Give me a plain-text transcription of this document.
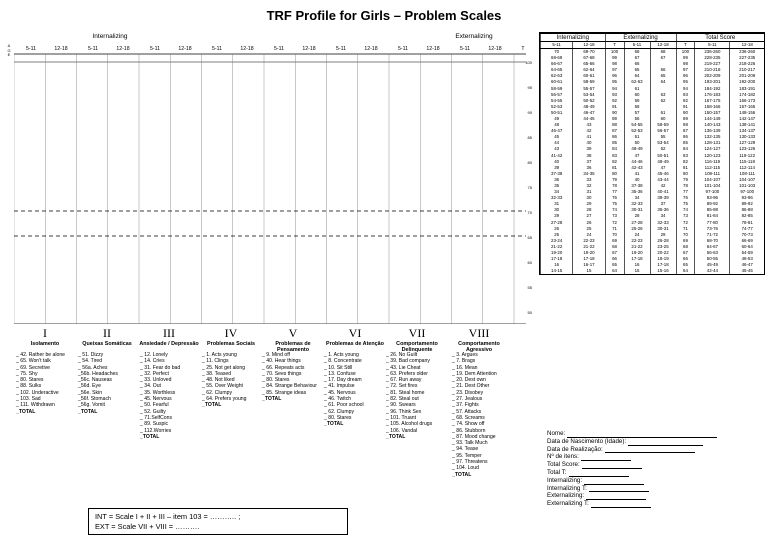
TRF Profile for Girls – Problem Scales
A
G
E
Internalizing	Externalizing
5-11	12-18	5-11	12-18	5-11	12-18	5-11	12-18	5-11	12-18	5-11	12-18	5-11	12-18	5-11	12-18	T
100
95
90
85
80
75
70
65
60
55
50
I
Isolamento
II
Queixas Somáticas
III
Ansiedade / Depressão
IV
Problemas Sociais
V
Problemas de Pensamento
VI
Problemas de Atenção
VII
Comportamento Delinquente
VIII
Comportamento Agressivo
_ 42. Rather be alone
_ 65. Won't talk
_ 69. Secretive
_ 75. Shy
_ 80. Stares
_ 88. Sulks
_ 102. Underactive
_ 103. Sad
_ 111. Withdrawn
_TOTAL
_ 51. Dizzy
_ 54. Tired
_ 56a. Aches
_56b. Headaches
_56c. Nauseas
_56d. Eye
_56e. Skin
_56f. Stomach
_56g. Vomit
_TOTAL
_ 12. Lonely
_ 14. Cries
_ 31. Fear do bad
_ 32. Perfect
_ 33. Unloved
_ 34. Out
_ 35. Worthless
_ 45. Nervous
_ 50. Fearful
_ 52. Guilty
_ 71.SelfCons
_ 89. Suspic
_ 112.Worries
_TOTAL
_ 1. Acts young
_ 11. Clings
_ 25. Not get along
_ 38. Teased
_ 48. Not liked
_ 55. Over Weight
_ 62. Clumpy
_ 64. Prefers young
_TOTAL
_ 9. Mind off
_ 40. Hear things
_ 66. Repeats acts
_ 70. Sees things
_ 80. Stares
_ 84. Strange Behaviour
_ 85. Strange ideas
_TOTAL
_ 1. Acts young
_ 8. Concentrate
_ 10. Sit Still
_ 13. Confuse
_ 17. Day dream
_ 41. Impulse
_ 45. Nervous
_ 46. Twitch
_ 61. Poor school
_ 62. Clumpy
_ 80. Stares
_TOTAL
_ 26. No Guilt
_ 39. Bad company
_ 43. Lie Cheat
_ 63. Prefers older
_ 67. Run away
_ 72. Set fires
_ 81. Steal home
_ 82. Steal out
_ 90. Swears
_ 96. Think Sex
_ 101. Truant
_ 105. Alcohol drugs
_ 106. Vandal
_TOTAL
_ 3. Argues
_ 7. Brags
_ 16. Mean
_ 19. Dem Attention
_ 20. Dest own
_ 21. Dest Other
_ 23. Disobey
_ 27. Jealous
_ 37. Fights
_ 57. Attacks
_ 68. Screams
_ 74. Show off
_ 86. Stubborn
_ 87. Mood change
_ 93. Talk Much
_ 94. Tease
_ 95. Temper
_ 97. Threatens
_ 104. Loud
_TOTAL
INT = Scale I + II + III – item 103 = ……….. ;
EXT = Scale VII + VIII = ……….
Internalizing		Externalizing			Total Score		
5-11	12-18	T	5-11	12-18	T	5-11	12-18
70	69-70	100	68	68	100	236-260	236-260
68-69	67-68	99	67	67	99	228-235	227-235
66-67	65-66	98	66		98	219-227	218-226
64-65	62-64	97	65	66	97	210-218	210-217
62-63	60-61	96	64	65	96	202-209	201-209
60-61	58-59	95	62-63	64	95	193-201	192-200
58-59	55-57	94	61		94	184-192	183-191
56-57	53-54	93	60	63	93	176-183	174-182
54-55	50-52	92	59	62	92	167-175	166-173
52-53	48-49	91	58		91	158-166	157-165
50-51	46-47	90	57	61	90	150-157	148-156
49	44-45	89	56	60	89	144-149	142-147
48	43	88	54-55	58-59	88	140-143	138-141
46-47	42	87	52-53	56-57	87	136-139	134-137
45	41	86	51	55	86	132-135	130-133
44	40	85	50	53-54	85	128-131	127-129
43	39	84	48-49	52	84	124-127	123-126
41-42	38	83	47	50-51	83	120-123	119-122
40	37	82	44-46	48-49	82	116-119	115-118
39	36	81	42-43	47	81	112-115	112-114
37-38	34-35	80	41	45-46	80	108-111	108-111
36	33	79	40	43-44	79	104-107	104-107
35	32	78	37-38	42	78	101-104	101-103
34	31	77	35-36	40-41	77	97-100	97-100
32-33	30	76	34	38-39	76	93-96	93-96
31	29	75	32-33	37	75	89-92	89-92
30	28	74	30-31	35-36	74	85-88	86-88
29	27	73	28	34	73	81-84	82-85
27-28	26	72	27-28	32-33	72	77-80	78-81
26	25	71	25-26	30-31	71	73-76	74-77
25	24	70	24	29	70	71-72	70-73
23-24	22-23	69	22-23	26-28	69	68-70	66-69
21-22	21-22	68	21-22	23-25	68	64-67	60-64
19-20	19-20	67	19-20	20-22	67	56-63	54-59
17-18	17-18	66	17-18	18-19	66	50-55	48-53
16	16-17	65	16	17-18	65	45-49	46-47
14-15	15	64	15	15-16	64	42-44	45-45
Nome:
Data de Nascimento (Idade):
Data de Realização:
Nº de itens:
Total Score:
Total T:
Internalizing:
Internalizing T:
Externalizing:
Externalizing T:
